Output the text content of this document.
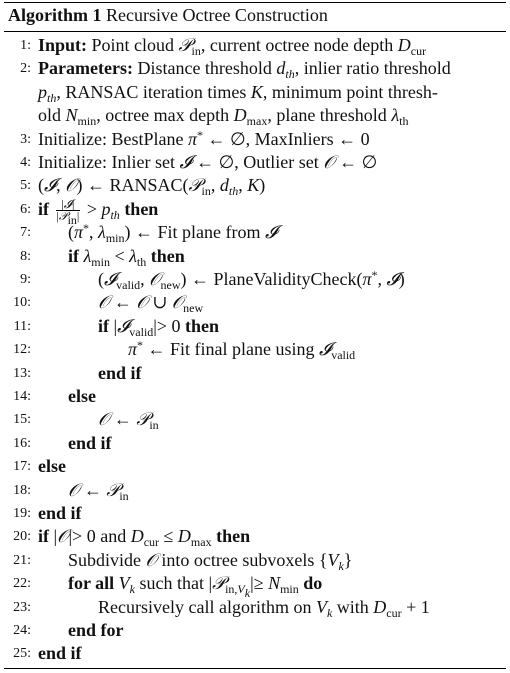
Algorithm 1 Recursive Octree Construction
1: Input: Point cloud 𝒫$_{in}$, current octree node depth $D_{cur}$
2: Parameters: Distance threshold $d_{th}$, inlier ratio threshold
$p_{th}$, RANSAC iteration times K, minimum point thresh-
old $N_{min}$, octree max depth $D_{max}$, plane threshold $\lambda_{th}$
3: Initialize: BestPlane π* ← ∅, MaxInliers ← 0
4: Initialize: Inlier set 𝓘 ← ∅, Outlier set 𝒪 ← ∅
5: (𝓘, 𝒪) ← RANSAC(𝒫$_{in}$, $d_{th}$, K)
6: if $\frac{\text{|𝓘|}}{|𝒫_{in}|} > p_{th}$ then
7: (π*, $\lambda_{min}$) ← Fit plane from 𝓘
8: if $\lambda_{min} < \lambda_{th}$ then
9:	(𝓘$_{valid}$, 𝒪$_{new}$) ← PlaneValidityCheck(π*, 𝓘)
10:	𝒪 ← 𝒪 ∪ 𝒪$_{new}$
11:	if |𝓘$_{valid}$|> 0 then
12:	π* ← Fit final plane using 𝓘$_{valid}$
13:	end if
14: else
15:	𝒪 ← 𝒫$_{in}$
16: end if
17: else
18: 𝒪 ← 𝒫$_{in}$
19: end if
20: if |𝒪|> 0 and $D_{cur} \le D_{max}$ then
21: Subdivide 𝒪 into octree subvoxels $\{V_k\}$
22: for all $V_k$ such that |𝒫$_{in,V_k}$|≥ $N_{min}$ do
23:	Recursively call algorithm on $V_k$ with $D_{cur} + 1$
24: end for
25: end if
